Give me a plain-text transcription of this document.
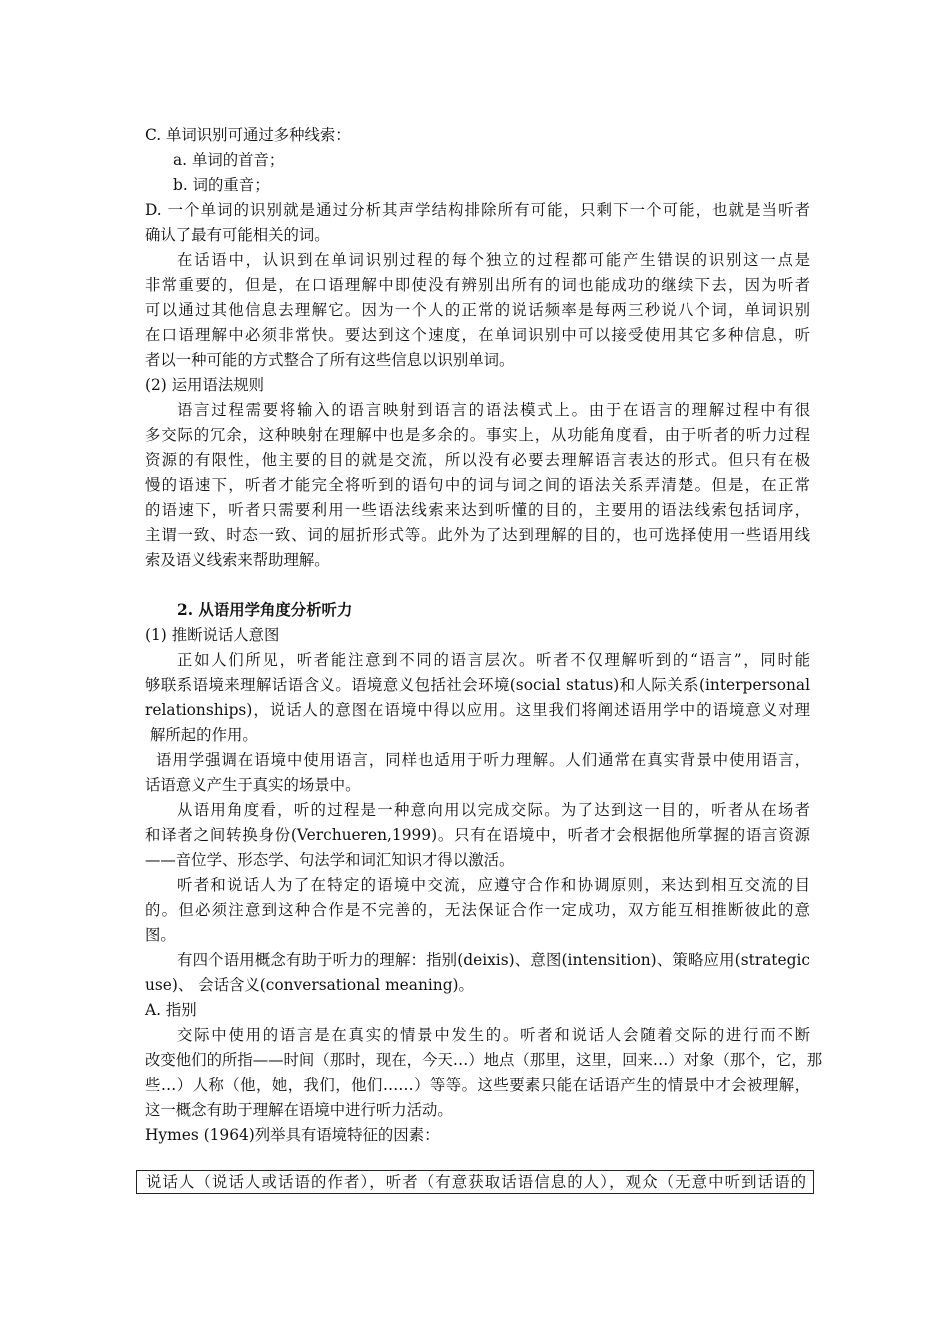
C. 单词识别可通过多种线索：
a. 单词的首音；
b. 词的重音；
D. 一个单词的识别就是通过分析其声学结构排除所有可能，只剩下一个可能，也就是当听者
确认了最有可能相关的词。
在话语中，认识到在单词识别过程的每个独立的过程都可能产生错误的识别这一点是
非常重要的，但是，在口语理解中即使没有辨别出所有的词也能成功的继续下去，因为听者
可以通过其他信息去理解它。因为一个人的正常的说话频率是每两三秒说八个词，单词识别
在口语理解中必须非常快。要达到这个速度，在单词识别中可以接受使用其它多种信息，听
者以一种可能的方式整合了所有这些信息以识别单词。
(2) 运用语法规则
语言过程需要将输入的语言映射到语言的语法模式上。由于在语言的理解过程中有很
多交际的冗余，这种映射在理解中也是多余的。事实上，从功能角度看，由于听者的听力过程
资源的有限性，他主要的目的就是交流，所以没有必要去理解语言表达的形式。但只有在极
慢的语速下，听者才能完全将听到的语句中的词与词之间的语法关系弄清楚。但是，在正常
的语速下，听者只需要利用一些语法线索来达到听懂的目的，主要用的语法线索包括词序，
主谓一致、时态一致、词的屈折形式等。此外为了达到理解的目的，也可选择使用一些语用线
索及语义线索来帮助理解。
2. 从语用学角度分析听力
(1) 推断说话人意图
正如人们所见，听者能注意到不同的语言层次。听者不仅理解听到的“语言”，同时能
够联系语境来理解话语含义。语境意义包括社会环境(social status)和人际关系(interpersonal
relationships)，说话人的意图在语境中得以应用。这里我们将阐述语用学中的语境意义对理
解所起的作用。
语用学强调在语境中使用语言，同样也适用于听力理解。人们通常在真实背景中使用语言，
话语意义产生于真实的场景中。
从语用角度看，听的过程是一种意向用以完成交际。为了达到这一目的，听者从在场者
和译者之间转换身份(Verchueren,1999)。只有在语境中，听者才会根据他所掌握的语言资源
——音位学、形态学、句法学和词汇知识才得以激活。
听者和说话人为了在特定的语境中交流，应遵守合作和协调原则，来达到相互交流的目
的。但必须注意到这种合作是不完善的，无法保证合作一定成功，双方能互相推断彼此的意
图。
有四个语用概念有助于听力的理解：指别(deixis)、意图(intensition)、策略应用(strategic
use)、 会话含义(conversational meaning)。
A. 指别
交际中使用的语言是在真实的情景中发生的。听者和说话人会随着交际的进行而不断
改变他们的所指——时间（那时，现在，今天…）地点（那里，这里，回来…）对象（那个，它，那
些…）人称（他，她，我们，他们……）等等。这些要素只能在话语产生的情景中才会被理解，
这一概念有助于理解在语境中进行听力活动。
Hymes (1964)列举具有语境特征的因素：
说话人（说话人或话语的作者），听者（有意获取话语信息的人），观众（无意中听到话语的
